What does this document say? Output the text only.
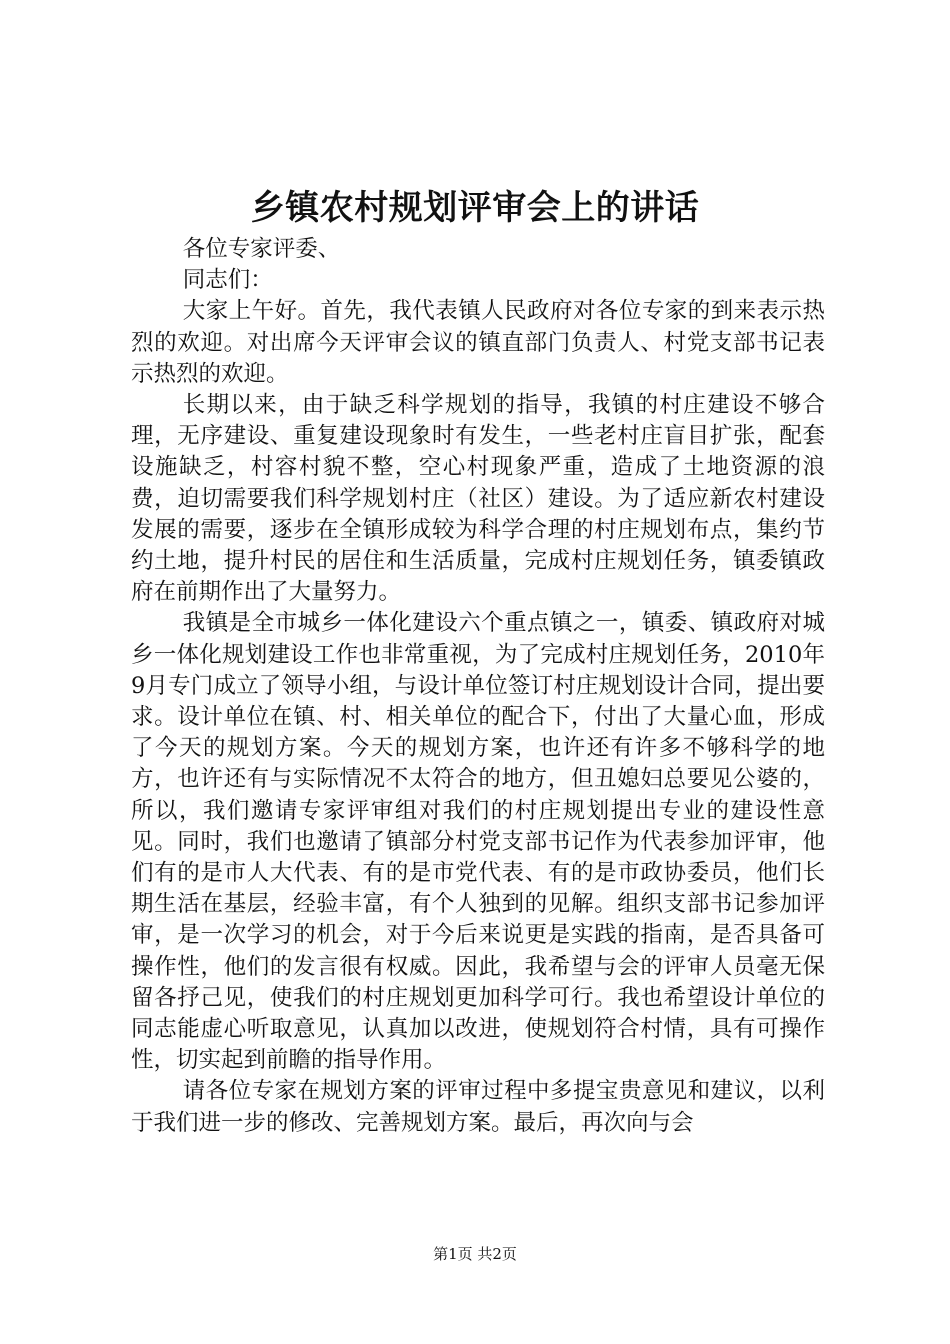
乡镇农村规划评审会上的讲话

各位专家评委、

同志们：

大家上午好。首先，我代表镇人民政府对各位专家的到来表示热烈的欢迎。对出席今天评审会议的镇直部门负责人、村党支部书记表示热烈的欢迎。

长期以来，由于缺乏科学规划的指导，我镇的村庄建设不够合理，无序建设、重复建设现象时有发生，一些老村庄盲目扩张，配套设施缺乏，村容村貌不整，空心村现象严重，造成了土地资源的浪费，迫切需要我们科学规划村庄（社区）建设。为了适应新农村建设发展的需要，逐步在全镇形成较为科学合理的村庄规划布点，集约节约土地，提升村民的居住和生活质量，完成村庄规划任务，镇委镇政府在前期作出了大量努力。

我镇是全市城乡一体化建设六个重点镇之一，镇委、镇政府对城乡一体化规划建设工作也非常重视，为了完成村庄规划任务，2010年9月专门成立了领导小组，与设计单位签订村庄规划设计合同，提出要求。设计单位在镇、村、相关单位的配合下，付出了大量心血，形成了今天的规划方案。今天的规划方案，也许还有许多不够科学的地方，也许还有与实际情况不太符合的地方，但丑媳妇总要见公婆的，所以，我们邀请专家评审组对我们的村庄规划提出专业的建设性意见。同时，我们也邀请了镇部分村党支部书记作为代表参加评审，他们有的是市人大代表、有的是市党代表、有的是市政协委员，他们长期生活在基层，经验丰富，有个人独到的见解。组织支部书记参加评审，是一次学习的机会，对于今后来说更是实践的指南，是否具备可操作性，他们的发言很有权威。因此，我希望与会的评审人员毫无保留各抒己见，使我们的村庄规划更加科学可行。我也希望设计单位的同志能虚心听取意见，认真加以改进，使规划符合村情，具有可操作性，切实起到前瞻的指导作用。

请各位专家在规划方案的评审过程中多提宝贵意见和建议，以利于我们进一步的修改、完善规划方案。最后，再次向与会

第1页 共2页
